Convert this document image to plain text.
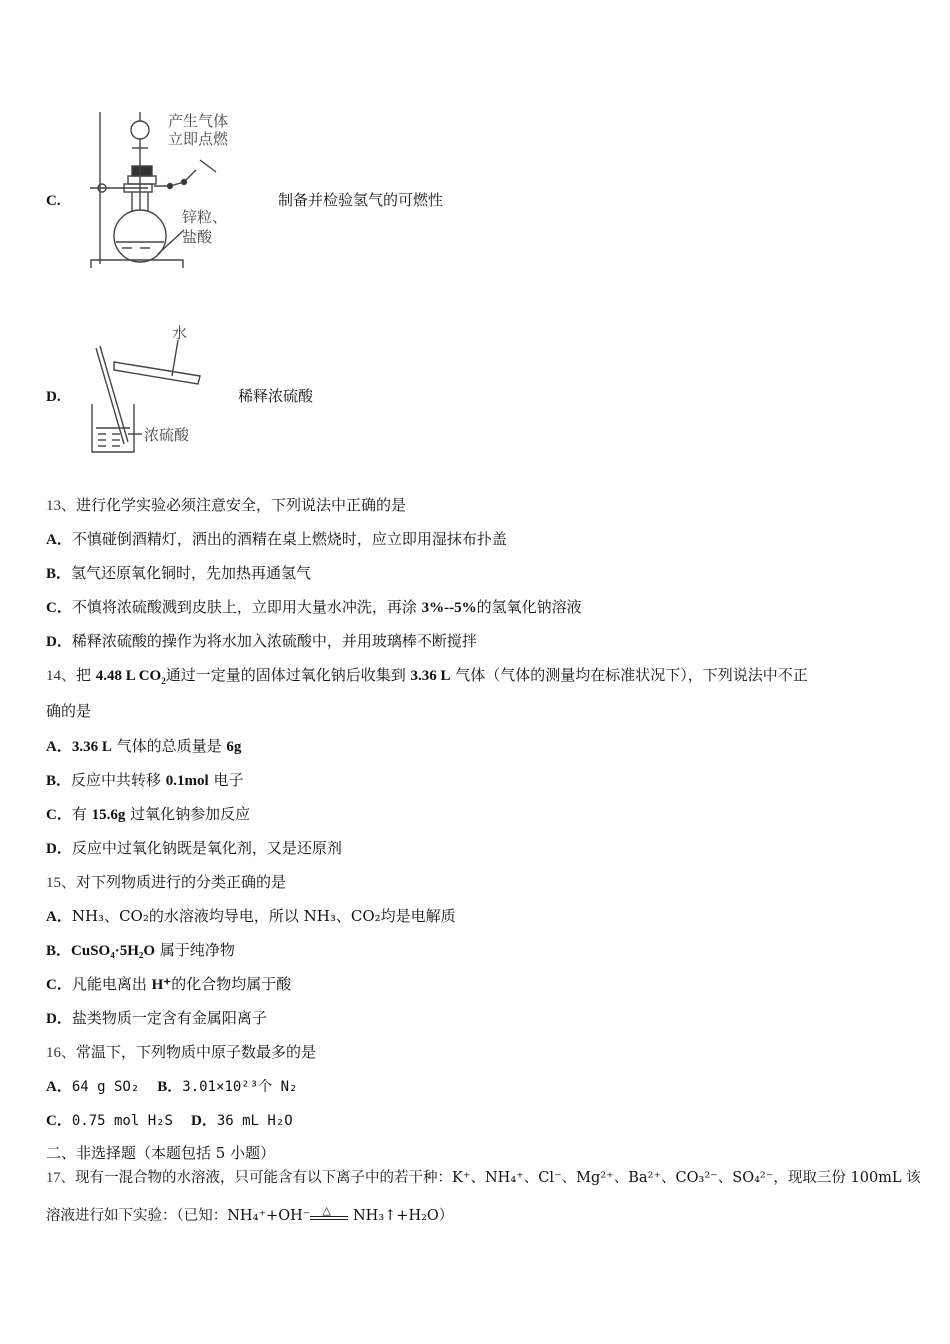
C.
产生气体
立即点燃
锌粒、
盐酸
制备并检验氢气的可燃性
D.
水
浓硫酸
稀释浓硫酸
13、进行化学实验必须注意安全，下列说法中正确的是
A．不慎碰倒酒精灯，洒出的酒精在桌上燃烧时，应立即用湿抹布扑盖
B．氢气还原氧化铜时，先加热再通氢气
C．不慎将浓硫酸溅到皮肤上，立即用大量水冲洗，再涂 3%--5%的氢氧化钠溶液
D．稀释浓硫酸的操作为将水加入浓硫酸中，并用玻璃棒不断搅拌
14、把 4.48 L $CO_2$通过一定量的固体过氧化钠后收集到 3.36 L 气体（气体的测量均在标准状况下），下列说法中不正
确的是
A．3.36 L 气体的总质量是 6g
B．反应中共转移 0.1mol 电子
C．有 15.6g 过氧化钠参加反应
D．反应中过氧化钠既是氧化剂，又是还原剂
15、对下列物质进行的分类正确的是
A．NH₃、CO₂的水溶液均导电，所以 NH₃、CO₂均是电解质
B．CuSO₄·5H₂O 属于纯净物
C．凡能电离出 H⁺的化合物均属于酸
D．盐类物质一定含有金属阳离子
16、常温下，下列物质中原子数最多的是
A．64 g SO₂ B．3.01×10²³个 N₂
C．0.75 mol H₂S D．36 mL H₂O
二、非选择题（本题包括 5 小题）
17、现有一混合物的水溶液，只可能含有以下离子中的若干种：K⁺、NH₄⁺、Cl⁻、Mg²⁺、Ba²⁺、CO₃²⁻、SO₄²⁻，现取三份 100mL 该
溶液进行如下实验：（已知：NH₄⁺+OH⁻ △ NH₃↑+H₂O）
